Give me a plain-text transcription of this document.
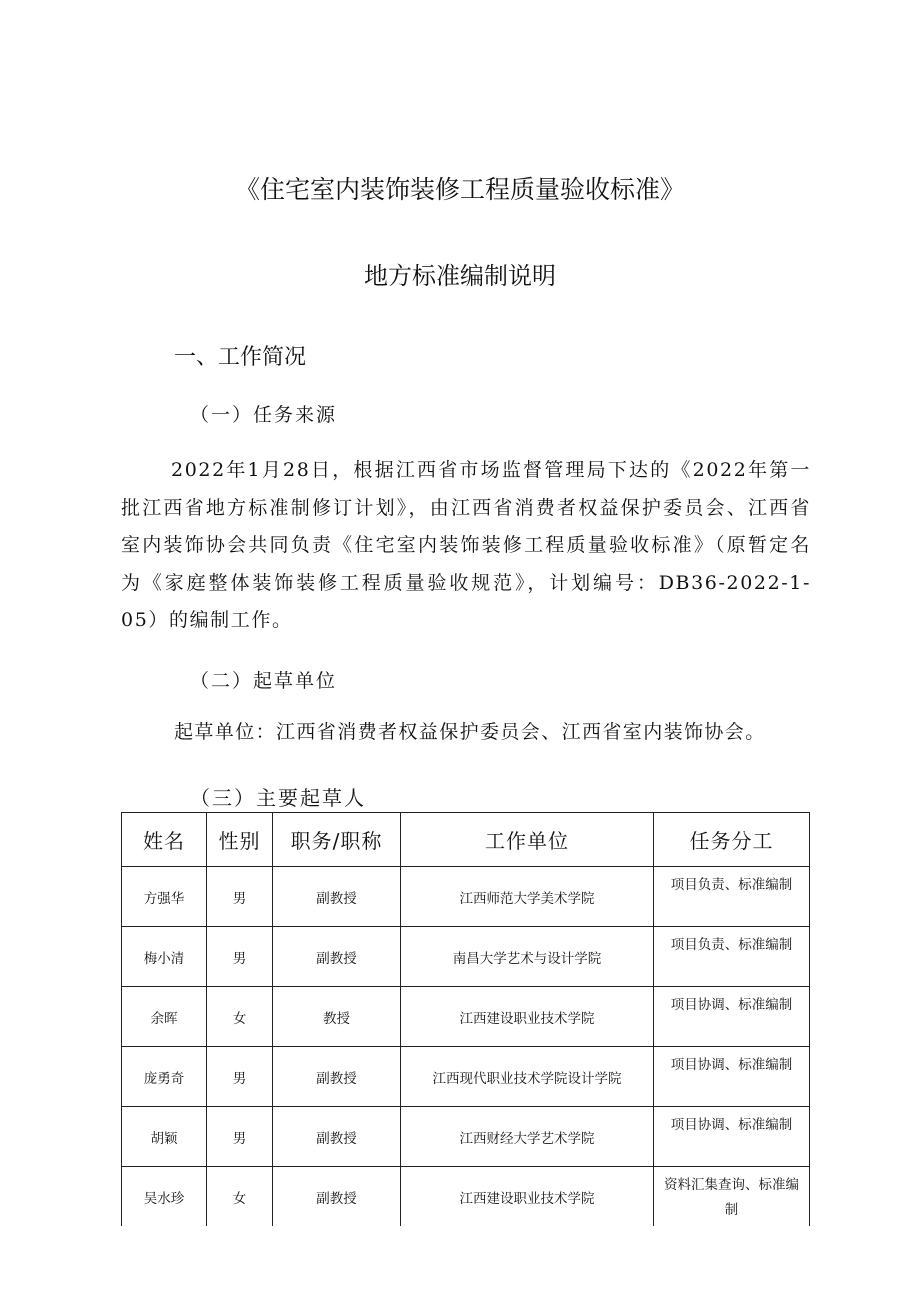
《住宅室内装饰装修工程质量验收标准》
地方标准编制说明
一、工作简况
（一）任务来源
2022年1月28日，根据江西省市场监督管理局下达的《2022年第一批江西省地方标准制修订计划》，由江西省消费者权益保护委员会、江西省室内装饰协会共同负责《住宅室内装饰装修工程质量验收标准》（原暂定名为《家庭整体装饰装修工程质量验收规范》，计划编号：DB36-2022-1-05）的编制工作。
（二）起草单位
起草单位：江西省消费者权益保护委员会、江西省室内装饰协会。
（三）主要起草人
姓名	性别	职务/职称	工作单位	任务分工
方强华	男	副教授	江西师范大学美术学院	项目负责、标准编制
梅小清	男	副教授	南昌大学艺术与设计学院	项目负责、标准编制
余晖	女	教授	江西建设职业技术学院	项目协调、标准编制
庞勇奇	男	副教授	江西现代职业技术学院设计学院	项目协调、标准编制
胡颖	男	副教授	江西财经大学艺术学院	项目协调、标准编制
吴水珍	女	副教授	江西建设职业技术学院	资料汇集查询、标准编制
